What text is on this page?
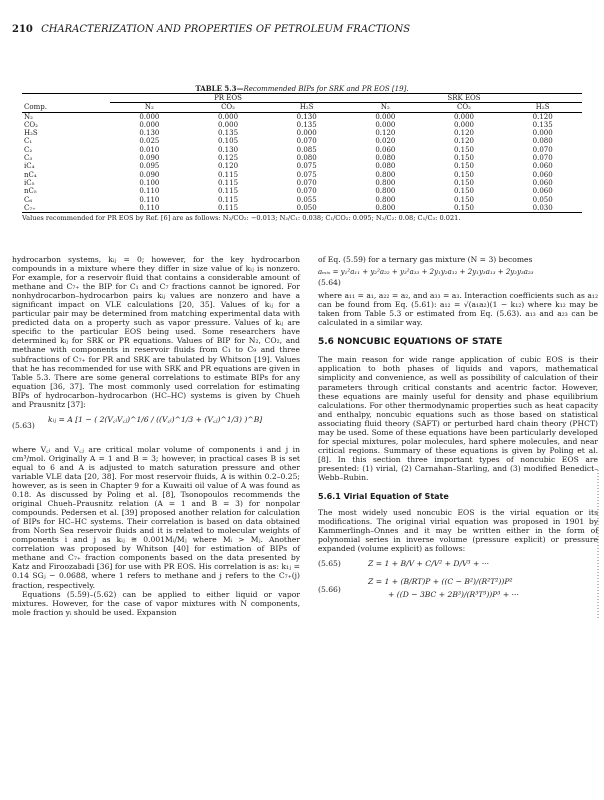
210 CHARACTERIZATION AND PROPERTIES OF PETROLEUM FRACTIONS
TABLE 5.3—Recommended BIPs for SRK and PR EOS [19].
	PR EOS			SRK EOS		
Comp.	N₂	CO₂	H₂S	N₂	CO₂	H₂S
N₂	0.000	0.000	0.130	0.000	0.000	0.120
CO₂	0.000	0.000	0.135	0.000	0.000	0.135
H₂S	0.130	0.135	0.000	0.120	0.120	0.000
C₁	0.025	0.105	0.070	0.020	0.120	0.080
C₂	0.010	0.130	0.085	0.060	0.150	0.070
C₃	0.090	0.125	0.080	0.080	0.150	0.070
iC₄	0.095	0.120	0.075	0.080	0.150	0.060
nC₄	0.090	0.115	0.075	0.800	0.150	0.060
iC₅	0.100	0.115	0.070	0.800	0.150	0.060
nC₅	0.110	0.115	0.070	0.800	0.150	0.060
C₆	0.110	0.115	0.055	0.800	0.150	0.050
C₇₊	0.110	0.115	0.050	0.800	0.150	0.030
Values recommended for PR EOS by Ref. [6] are as follows: N₂/CO₂: −0.013; N₂/C₁: 0.038; C₁/CO₂: 0.095; N₂/C₂: 0.08; C₁/C₃: 0.021.

hydrocarbon systems, kᵢⱼ = 0; however, for the key hydrocarbon compounds in a mixture where they differ in size value of kᵢⱼ is nonzero. For example, for a reservoir fluid that contains a considerable amount of methane and C₇₊ the BIP for C₁ and C₇ fractions cannot be ignored. For nonhydrocarbon–hydrocarbon pairs kᵢⱼ values are nonzero and have a significant impact on VLE calculations [20, 35]. Values of kᵢⱼ for a particular pair may be determined from matching experimental data with predicted data on a property such as vapor pressure. Values of kᵢⱼ are specific to the particular EOS being used. Some researchers have determined kᵢⱼ for SRK or PR equations. Values of BIP for N₂, CO₂, and methane with components in reservoir fluids from C₁ to C₉ and three subfractions of C₇₊ for PR and SRK are tabulated by Whitson [19]. Values that he has recommended for use with SRK and PR equations are given in Table 5.3. There are some general correlations to estimate BIPs for any equation [36, 37]. The most commonly used correlation for estimating BIPs of hydrocarbon–hydrocarbon (HC–HC) systems is given by Chueh and Prausnitz [37]:

(5.63)
kᵢⱼ = A [1 − ( 2(V꜀ᵢV꜀ⱼ)^1/6 / ((V꜀ᵢ)^1/3 + (V꜀ⱼ)^1/3) )^B]

where V꜀ᵢ and V꜀ⱼ are critical molar volume of components i and j in cm³/mol. Originally A = 1 and B = 3; however, in practical cases B is set equal to 6 and A is adjusted to match saturation pressure and other variable VLE data [20, 38]. For most reservoir fluids, A is within 0.2–0.25; however, as is seen in Chapter 9 for a Kuwaiti oil value of A was found as 0.18. As discussed by Poling et al. [8], Tsonopoulos recommends the original Chueh–Prausnitz relation (A = 1 and B = 3) for nonpolar compounds. Pedersen et al. [39] proposed another relation for calculation of BIPs for HC–HC systems. Their correlation is based on data obtained from North Sea reservoir fluids and it is related to molecular weights of components i and j as kᵢⱼ ≅ 0.001Mᵢ/Mⱼ where Mᵢ > Mⱼ. Another correlation was proposed by Whitson [40] for estimation of BIPs of methane and C₇₊ fraction components based on the data presented by Katz and Firoozabadi [36] for use with PR EOS. His correlation is as: k₁ⱼ = 0.14 SGⱼ − 0.0688, where 1 refers to methane and j refers to the C₇₊(j) fraction, respectively.

Equations (5.59)–(5.62) can be applied to either liquid or vapor mixtures. However, for the case of vapor mixtures with N components, mole fraction yᵢ should be used. Expansion

of Eq. (5.59) for a ternary gas mixture (N = 3) becomes

aₘᵢₓ = y₁²a₁₁ + y₂²a₂₂ + y₃²a₃₃ + 2y₁y₂a₁₂ + 2y₁y₃a₁₃ + 2y₂y₃a₂₃

(5.64)

where a₁₁ = a₁, a₂₂ = a₂, and a₃₃ = a₃. Interaction coefficients such as a₁₂ can be found from Eq. (5.61): a₁₂ = √(a₁a₂)(1 − k₁₂) where k₁₂ may be taken from Table 5.3 or estimated from Eq. (5.63). a₁₃ and a₂₃ can be calculated in a similar way.

5.6 NONCUBIC EQUATIONS OF STATE

The main reason for wide range application of cubic EOS is their application to both phases of liquids and vapors, mathematical simplicity and convenience, as well as possibility of calculation of their parameters through critical constants and acentric factor. However, these equations are mainly useful for density and phase equilibrium calculations. For other thermodynamic properties such as heat capacity and enthalpy, noncubic equations such as those based on statistical associating fluid theory (SAFT) or perturbed hard chain theory (PHCT) may be used. Some of these equations have been particularly developed for special mixtures, polar molecules, hard sphere molecules, and near critical regions. Summary of these equations is given by Poling et al. [8]. In this section three important types of noncubic EOS are presented: (1) virial, (2) Carnahan–Starling, and (3) modified Benedict–Webb–Rubin.

5.6.1 Virial Equation of State

The most widely used noncubic EOS is the virial equation or its modifications. The original virial equation was proposed in 1901 by Kammerlingh–Onnes and it may be written either in the form of polynomial series in inverse volume (pressure explicit) or pressure expanded (volume explicit) as follows:

(5.65)	Z = 1 + B/V + C/V² + D/V³ + ···
(5.66)
Z = 1 + (B/RT)P + ((C − B²)/(R²T²))P²
+ ((D − 3BC + 2B³)/(R³T³))P³ + ···
